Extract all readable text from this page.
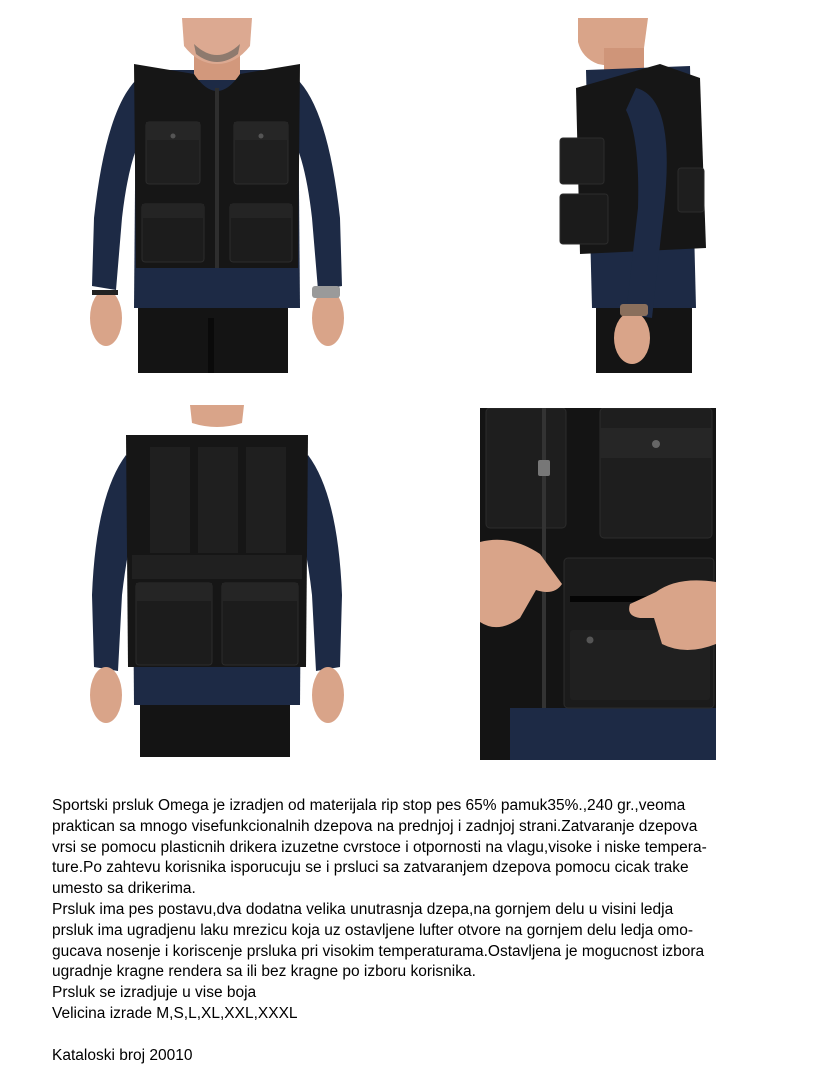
Sportski prsluk Omega je izradjen od materijala rip stop pes 65% pamuk35%.,240 gr.,veoma

praktican sa mnogo visefunkcionalnih dzepova na prednjoj i zadnjoj strani.Zatvaranje dzepova

vrsi se pomocu plasticnih drikera izuzetne cvrstoce i otpornosti na vlagu,visoke i niske tempera-

ture.Po zahtevu korisnika isporucuju se i prsluci sa zatvaranjem dzepova pomocu cicak trake

umesto sa drikerima.

Prsluk ima pes postavu,dva dodatna velika unutrasnja dzepa,na gornjem delu u visini ledja

prsluk ima ugradjenu laku mrezicu koja uz ostavljene lufter otvore na gornjem delu ledja omo-

gucava nosenje i koriscenje prsluka pri visokim temperaturama.Ostavljena je mogucnost izbora

ugradnje kragne rendera sa ili bez kragne po izboru korisnika.

Prsluk se izradjuje u vise boja

Velicina izrade M,S,L,XL,XXL,XXXL

Kataloski broj 20010
